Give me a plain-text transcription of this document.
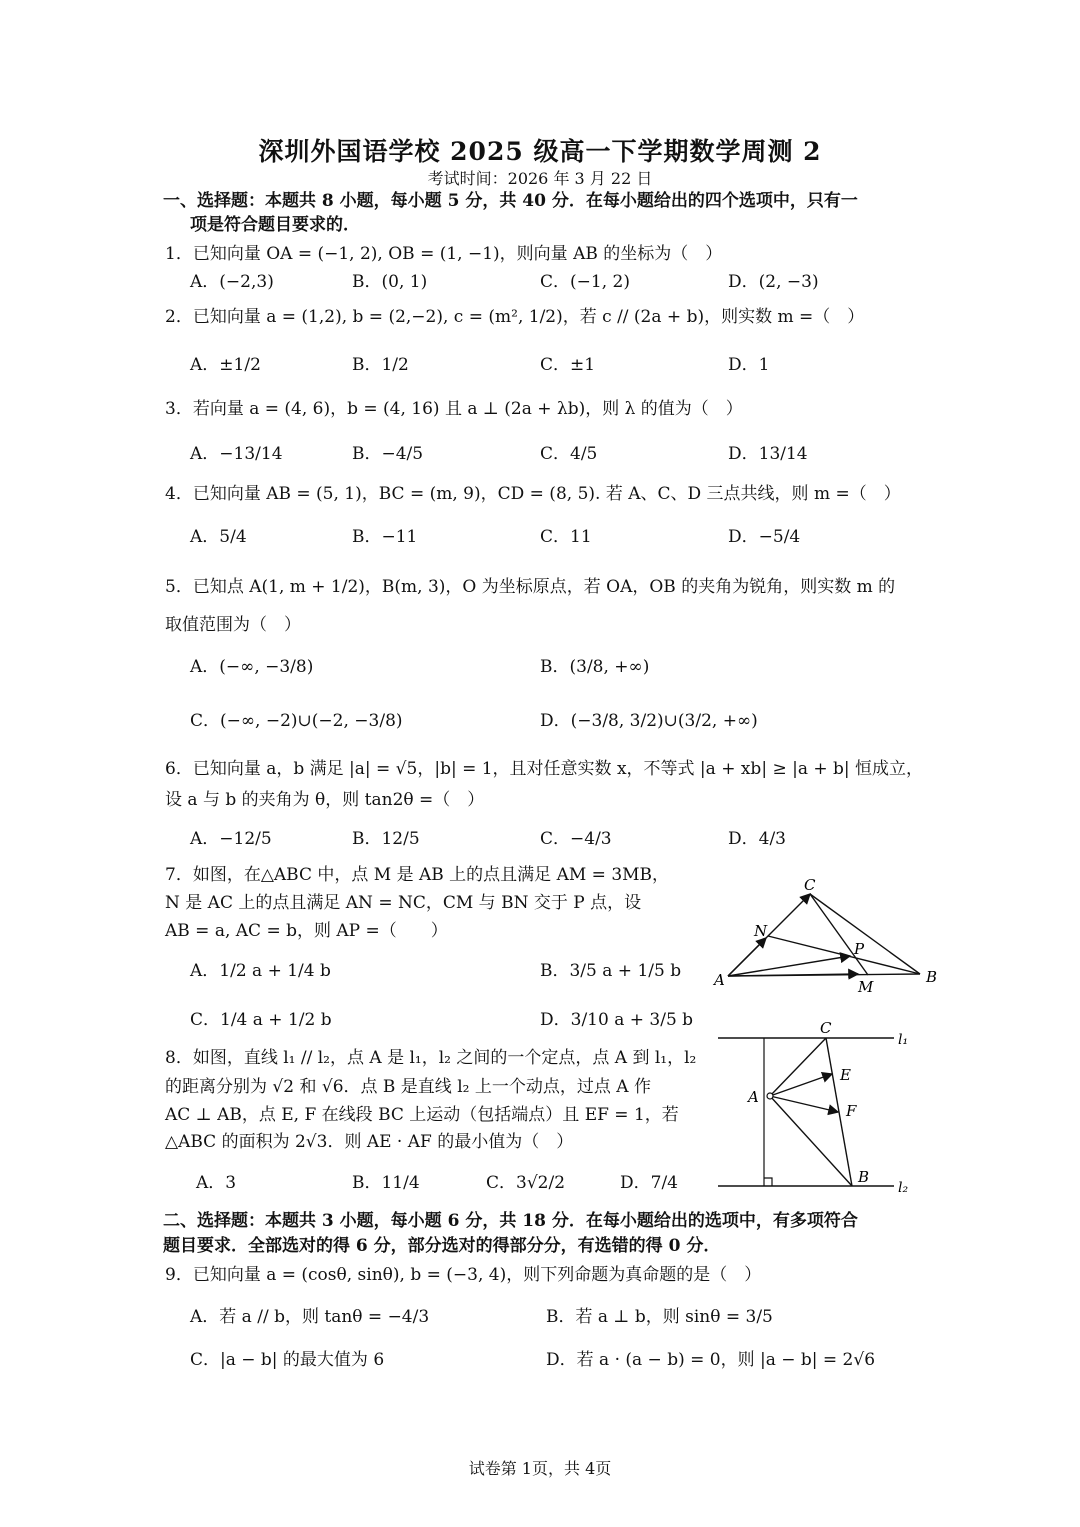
深圳外国语学校 2025 级高一下学期数学周测 2
考试时间：2026 年 3 月 22 日
一、选择题：本题共 8 小题，每小题 5 分，共 40 分．在每小题给出的四个选项中，只有一
项是符合题目要求的．
1．已知向量 OA = (−1, 2), OB = (1, −1)，则向量 AB 的坐标为（　）
A．(−2,3)	B．(0, 1)	C．(−1, 2)	D．(2, −3)
2．已知向量 a = (1,2), b = (2,−2), c = (m², 1/2)，若 c // (2a + b)，则实数 m =（　）
A．±1/2	B．1/2	C．±1	D．1
3．若向量 a = (4, 6)，b = (4, 16) 且 a ⊥ (2a + λb)，则 λ 的值为（　）
A．−13/14	B．−4/5	C．4/5	D．13/14
4．已知向量 AB = (5, 1)，BC = (m, 9)，CD = (8, 5). 若 A、C、D 三点共线，则 m =（　）
A．5/4	B．−11	C．11	D．−5/4
5．已知点 A(1, m + 1/2)，B(m, 3)，O 为坐标原点，若 OA，OB 的夹角为锐角，则实数 m 的
取值范围为（　）
A．(−∞, −3/8)	B．(3/8, +∞)
C．(−∞, −2)∪(−2, −3/8)	D．(−3/8, 3/2)∪(3/2, +∞)
6．已知向量 a，b 满足 |a| = √5，|b| = 1，且对任意实数 x，不等式 |a + xb| ≥ |a + b| 恒成立，
设 a 与 b 的夹角为 θ，则 tan2θ =（　）
A．−12/5	B．12/5	C．−4/3	D．4/3
7．如图，在△ABC 中，点 M 是 AB 上的点且满足 AM = 3MB，
N 是 AC 上的点且满足 AN = NC，CM 与 BN 交于 P 点，设
AB = a, AC = b，则 AP =（　　）
A．1/2 a + 1/4 b	B．3/5 a + 1/5 b
C．1/4 a + 1/2 b	D．3/10 a + 3/5 b
C
N
P
A	B
M
8．如图，直线 l₁ // l₂，点 A 是 l₁，l₂ 之间的一个定点，点 A 到 l₁，l₂
的距离分别为 √2 和 √6．点 B 是直线 l₂ 上一个动点，过点 A 作
AC ⊥ AB，点 E, F 在线段 BC 上运动（包括端点）且 EF = 1，若
△ABC 的面积为 2√3．则 AE · AF 的最小值为（　）
A．3	B．11/4	C．3√2/2	D．7/4
C
l₁
E
A
F
B
l₂
二、选择题：本题共 3 小题，每小题 6 分，共 18 分．在每小题给出的选项中，有多项符合
题目要求．全部选对的得 6 分，部分选对的得部分分，有选错的得 0 分．
9．已知向量 a = (cosθ, sinθ), b = (−3, 4)，则下列命题为真命题的是（　）
A．若 a // b，则 tanθ = −4/3	B．若 a ⊥ b，则 sinθ = 3/5
C．|a − b| 的最大值为 6	D．若 a · (a − b) = 0，则 |a − b| = 2√6
试卷第 1页，共 4页
